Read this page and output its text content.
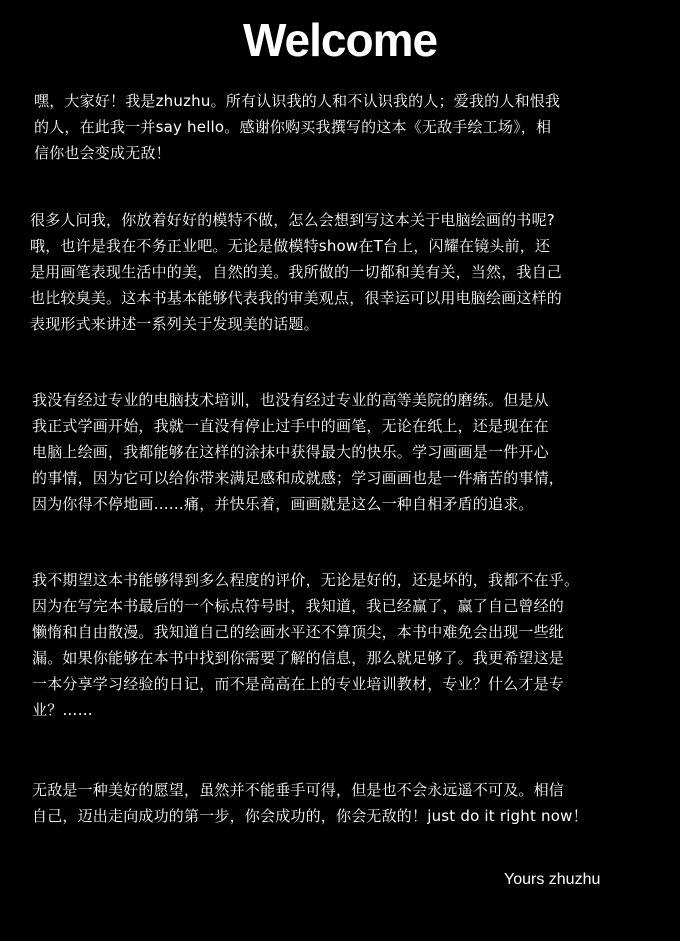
Welcome
嘿，大家好！我是zhuzhu。所有认识我的人和不认识我的人；爱我的人和恨我
的人，在此我一并say hello。感谢你购买我撰写的这本《无敌手绘工场》，相
信你也会变成无敌！
很多人问我，你放着好好的模特不做，怎么会想到写这本关于电脑绘画的书呢?
哦，也许是我在不务正业吧。无论是做模特show在T台上，闪耀在镜头前，还
是用画笔表现生活中的美，自然的美。我所做的一切都和美有关，当然，我自己
也比较臭美。这本书基本能够代表我的审美观点，很幸运可以用电脑绘画这样的
表现形式来讲述一系列关于发现美的话题。
我没有经过专业的电脑技术培训，也没有经过专业的高等美院的磨练。但是从
我正式学画开始，我就一直没有停止过手中的画笔，无论在纸上，还是现在在
电脑上绘画，我都能够在这样的涂抹中获得最大的快乐。学习画画是一件开心
的事情，因为它可以给你带来满足感和成就感；学习画画也是一件痛苦的事情，
因为你得不停地画……痛，并快乐着，画画就是这么一种自相矛盾的追求。
我不期望这本书能够得到多么程度的评价，无论是好的，还是坏的，我都不在乎。
因为在写完本书最后的一个标点符号时，我知道，我已经赢了，赢了自己曾经的
懒惰和自由散漫。我知道自己的绘画水平还不算顶尖，本书中难免会出现一些纰
漏。如果你能够在本书中找到你需要了解的信息，那么就足够了。我更希望这是
一本分享学习经验的日记，而不是高高在上的专业培训教材，专业？什么才是专
业？……
无敌是一种美好的愿望，虽然并不能垂手可得，但是也不会永远遥不可及。相信
自己，迈出走向成功的第一步，你会成功的，你会无敌的！just do it right now！
Yours zhuzhu
